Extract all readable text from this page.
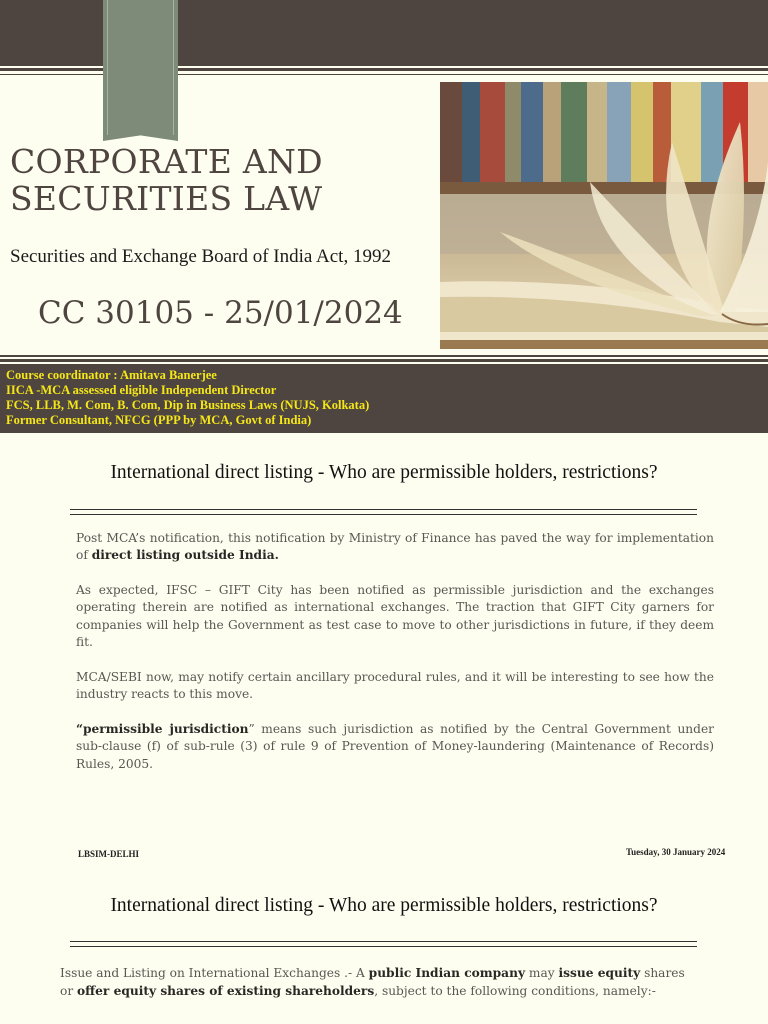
CORPORATE AND
SECURITIES LAW
Securities and Exchange Board of India Act, 1992
CC 30105 - 25/01/2024
Course coordinator : Amitava Banerjee
IICA -MCA assessed eligible Independent Director
FCS, LLB, M. Com, B. Com, Dip in Business Laws (NUJS, Kolkata)
Former Consultant, NFCG (PPP by MCA, Govt of India)
International direct listing - Who are permissible holders, restrictions?
Post MCA’s notification, this notification by Ministry of Finance has paved the way for implementation of direct listing outside India.
As expected, IFSC – GIFT City has been notified as permissible jurisdiction and the exchanges operating therein are notified as international exchanges. The traction that GIFT City garners for companies will help the Government as test case to move to other jurisdictions in future, if they deem fit.
MCA/SEBI now, may notify certain ancillary procedural rules, and it will be interesting to see how the industry reacts to this move.
“permissible jurisdiction” means such jurisdiction as notified by the Central Government under sub-clause (f) of sub-rule (3) of rule 9 of Prevention of Money-laundering (Maintenance of Records) Rules, 2005.
LBSIM-DELHI	Tuesday, 30 January 2024
International direct listing - Who are permissible holders, restrictions?
Issue and Listing on International Exchanges .- A public Indian company may issue equity shares or offer equity shares of existing shareholders, subject to the following conditions, namely:-
